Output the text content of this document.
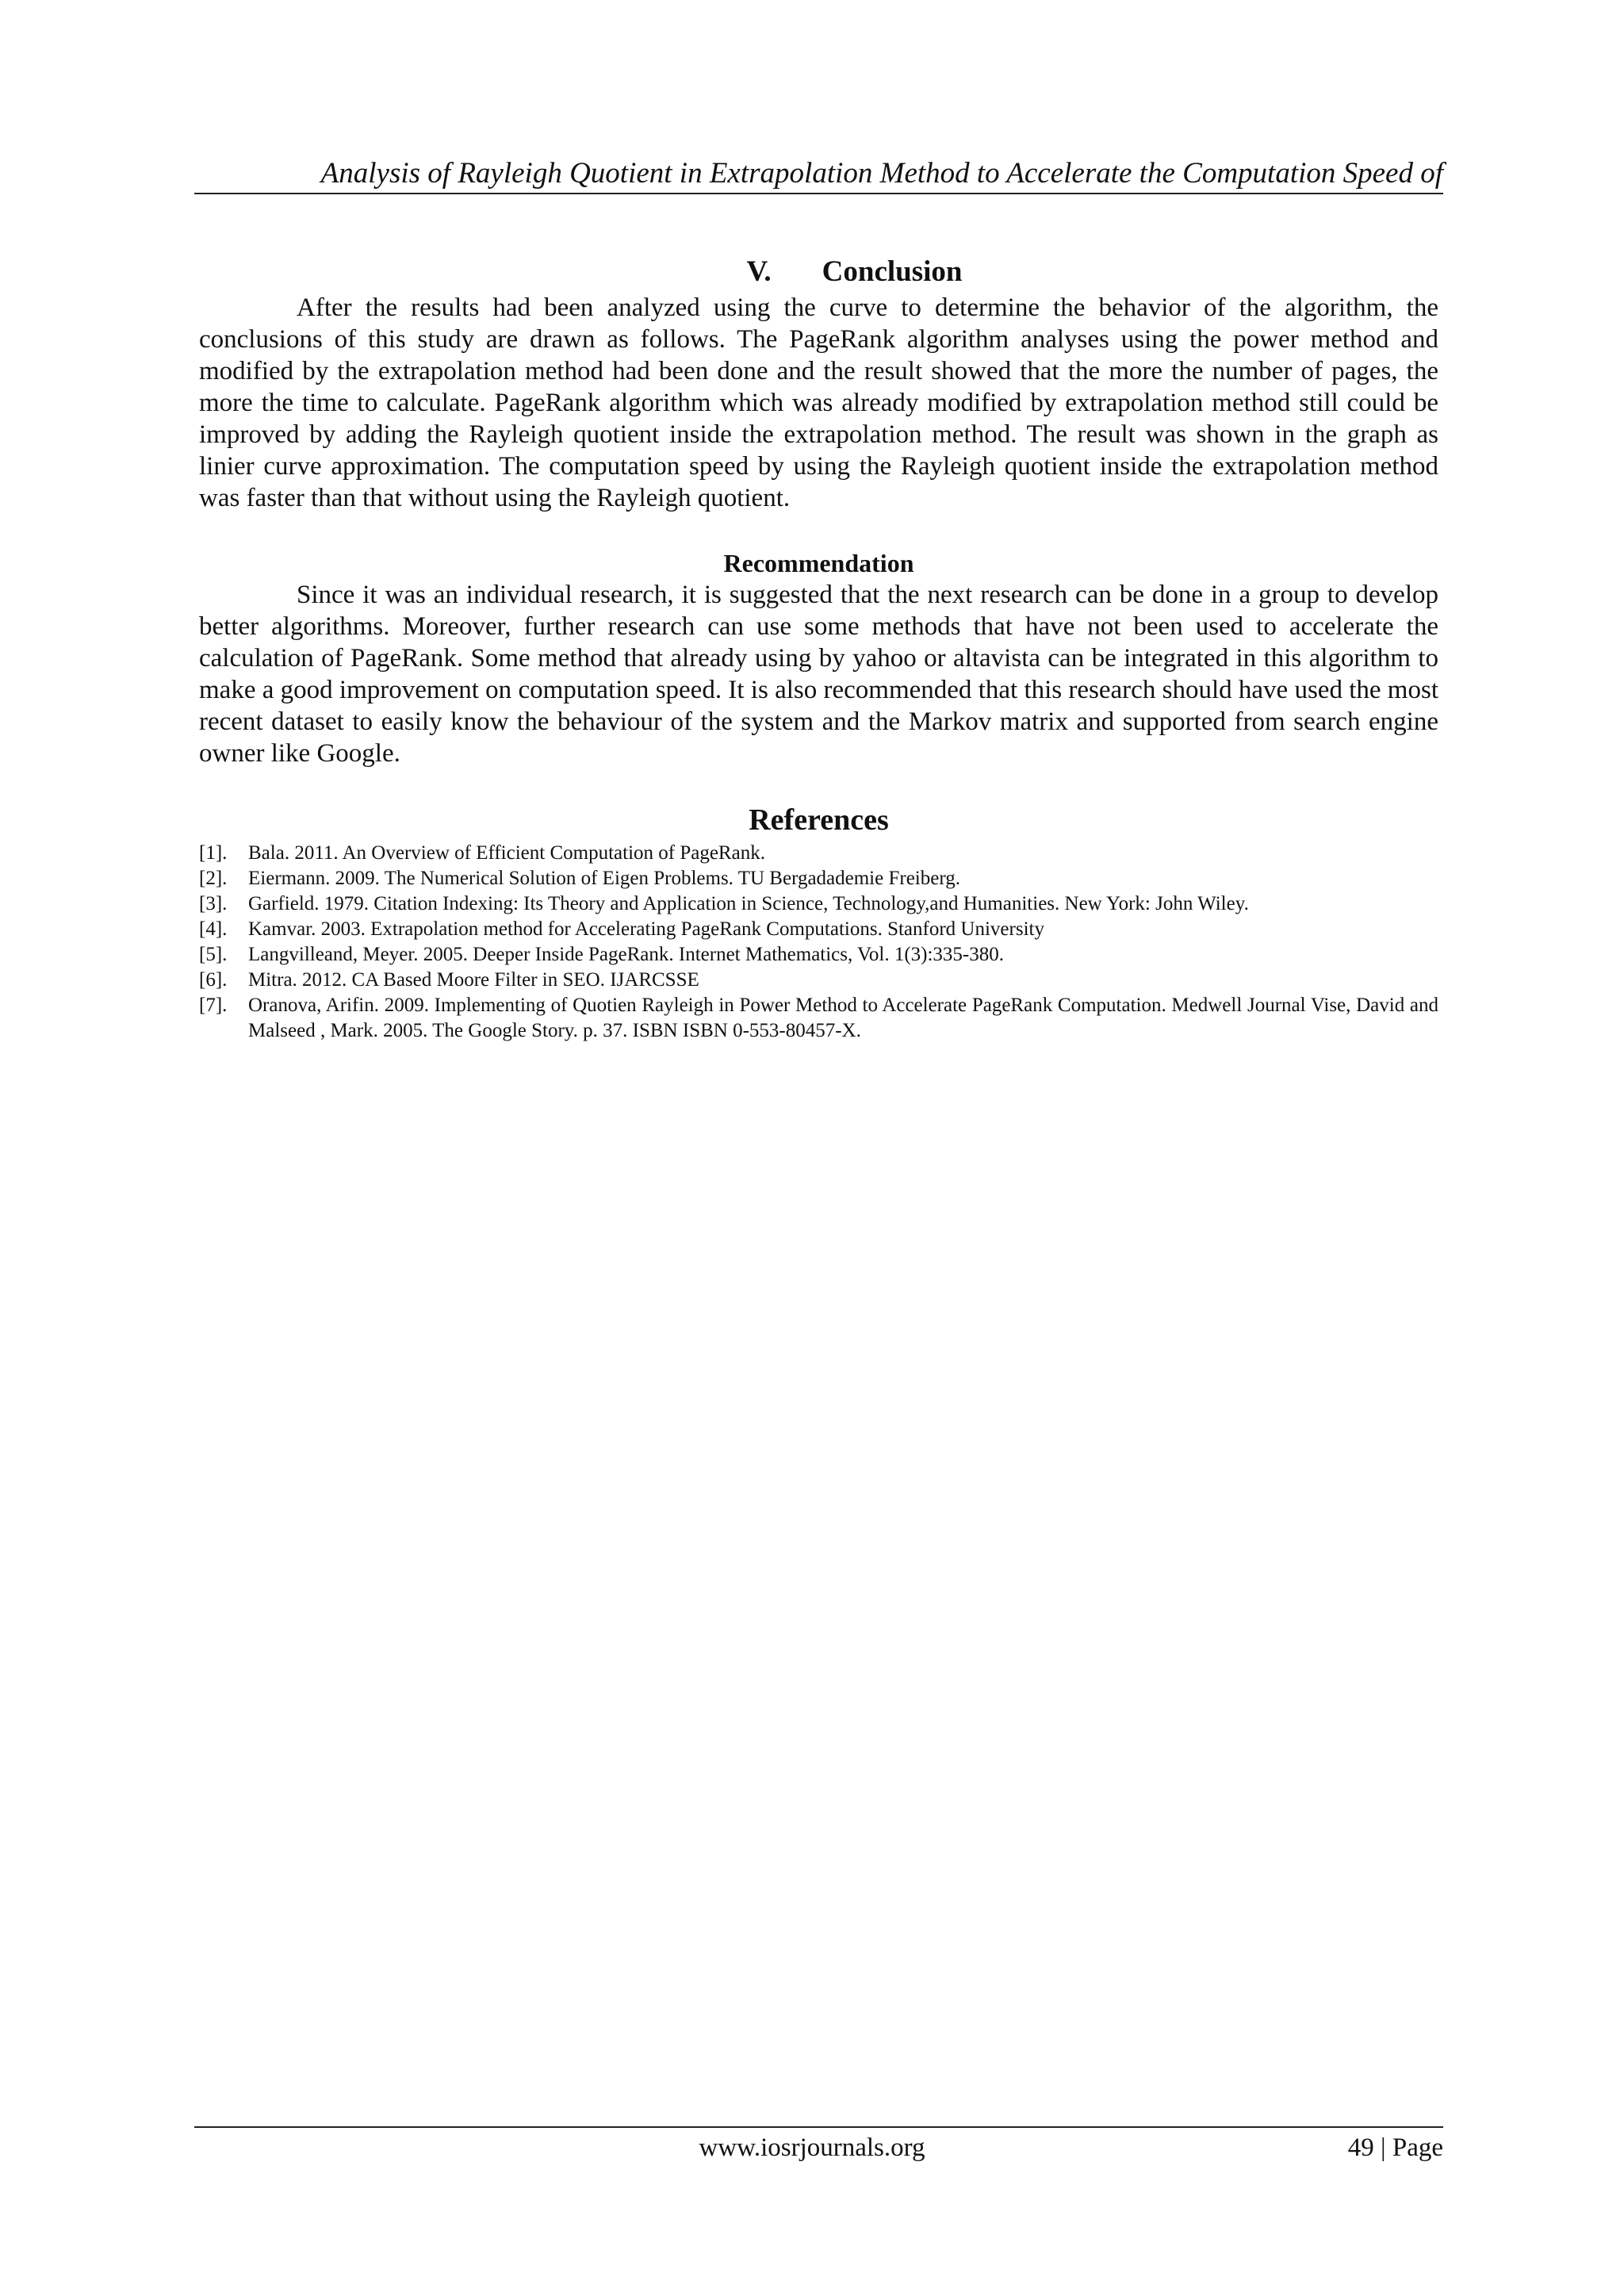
Analysis of Rayleigh Quotient in Extrapolation Method to Accelerate the Computation Speed of
V. Conclusion

After the results had been analyzed using the curve to determine the behavior of the algorithm, the conclusions of this study are drawn as follows. The PageRank algorithm analyses using the power method and modified by the extrapolation method had been done and the result showed that the more the number of pages, the more the time to calculate. PageRank algorithm which was already modified by extrapolation method still could be improved by adding the Rayleigh quotient inside the extrapolation method. The result was shown in the graph as linier curve approximation. The computation speed by using the Rayleigh quotient inside the extrapolation method was faster than that without using the Rayleigh quotient.

Recommendation

Since it was an individual research, it is suggested that the next research can be done in a group to develop better algorithms. Moreover, further research can use some methods that have not been used to accelerate the calculation of PageRank. Some method that already using by yahoo or altavista can be integrated in this algorithm to make a good improvement on computation speed. It is also recommended that this research should have used the most recent dataset to easily know the behaviour of the system and the Markov matrix and supported from search engine owner like Google.

References
[1].	Bala. 2011. An Overview of Efficient Computation of PageRank.
[2].	Eiermann. 2009. The Numerical Solution of Eigen Problems. TU Bergadademie Freiberg.
[3].	Garfield. 1979. Citation Indexing: Its Theory and Application in Science, Technology,and Humanities. New York: John Wiley.
[4].	Kamvar. 2003. Extrapolation method for Accelerating PageRank Computations. Stanford University
[5].	Langvilleand, Meyer. 2005. Deeper Inside PageRank. Internet Mathematics, Vol. 1(3):335-380.
[6].	Mitra. 2012. CA Based Moore Filter in SEO. IJARCSSE
[7].	Oranova, Arifin. 2009. Implementing of Quotien Rayleigh in Power Method to Accelerate PageRank Computation. Medwell Journal Vise, David and Malseed , Mark. 2005. The Google Story. p. 37. ISBN ISBN 0-553-80457-X.
www.iosrjournals.org	49 | Page
